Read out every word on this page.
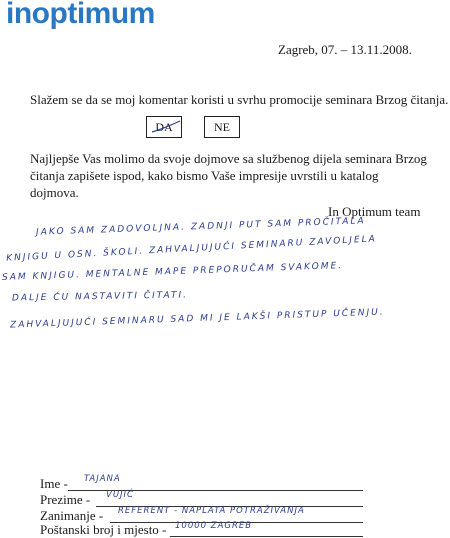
inoptimum
Zagreb, 07. – 13.11.2008.
Slažem se da se moj komentar koristi u svrhu promocije seminara Brzog čitanja.
DA	NE
Najljepše Vas molimo da svoje dojmove sa službenog dijela seminara Brzog čitanja zapišete ispod, kako bismo Vaše impresije uvrstili u katalog dojmova.
In Optimum team
JAKO SAM ZADOVOLJNA. ZADNJI PUT SAM PROČITALA
KNJIGU U OSN. ŠKOLI. ZAHVALJUJUĆI SEMINARU ZAVOLJELA
SAM KNJIGU. MENTALNE MAPE PREPORUČAM SVAKOME.
DALJE ĆU NASTAVITI ČITATI.
ZAHVALJUJUĆI SEMINARU SAD MI JE LAKŠI PRISTUP UČENJU.
Ime - TAJANA
Prezime - VUJIĆ
Zanimanje - REFERENT - NAPLATA POTRAŽIVANJA
Poštanski broj i mjesto - 10000 ZAGREB
